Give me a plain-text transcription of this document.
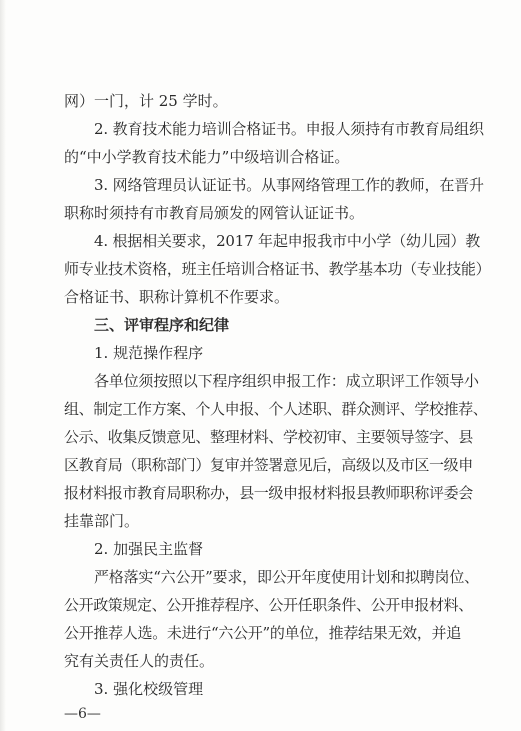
网）一门，计 25 学时。
2. 教育技术能力培训合格证书。申报人须持有市教育局组织
的“中小学教育技术能力”中级培训合格证。
3. 网络管理员认证证书。从事网络管理工作的教师，在晋升
职称时须持有市教育局颁发的网管认证证书。
4. 根据相关要求，2017 年起申报我市中小学（幼儿园）教
师专业技术资格，班主任培训合格证书、教学基本功（专业技能）
合格证书、职称计算机不作要求。
三、评审程序和纪律
1. 规范操作程序
各单位须按照以下程序组织申报工作：成立职评工作领导小
组、制定工作方案、个人申报、个人述职、群众测评、学校推荐、
公示、收集反馈意见、整理材料、学校初审、主要领导签字、县
区教育局（职称部门）复审并签署意见后，高级以及市区一级申
报材料报市教育局职称办，县一级申报材料报县教师职称评委会
挂靠部门。
2. 加强民主监督
严格落实“六公开”要求，即公开年度使用计划和拟聘岗位、
公开政策规定、公开推荐程序、公开任职条件、公开申报材料、
公开推荐人选。未进行“六公开”的单位，推荐结果无效，并追
究有关责任人的责任。
3. 强化校级管理
—6—
